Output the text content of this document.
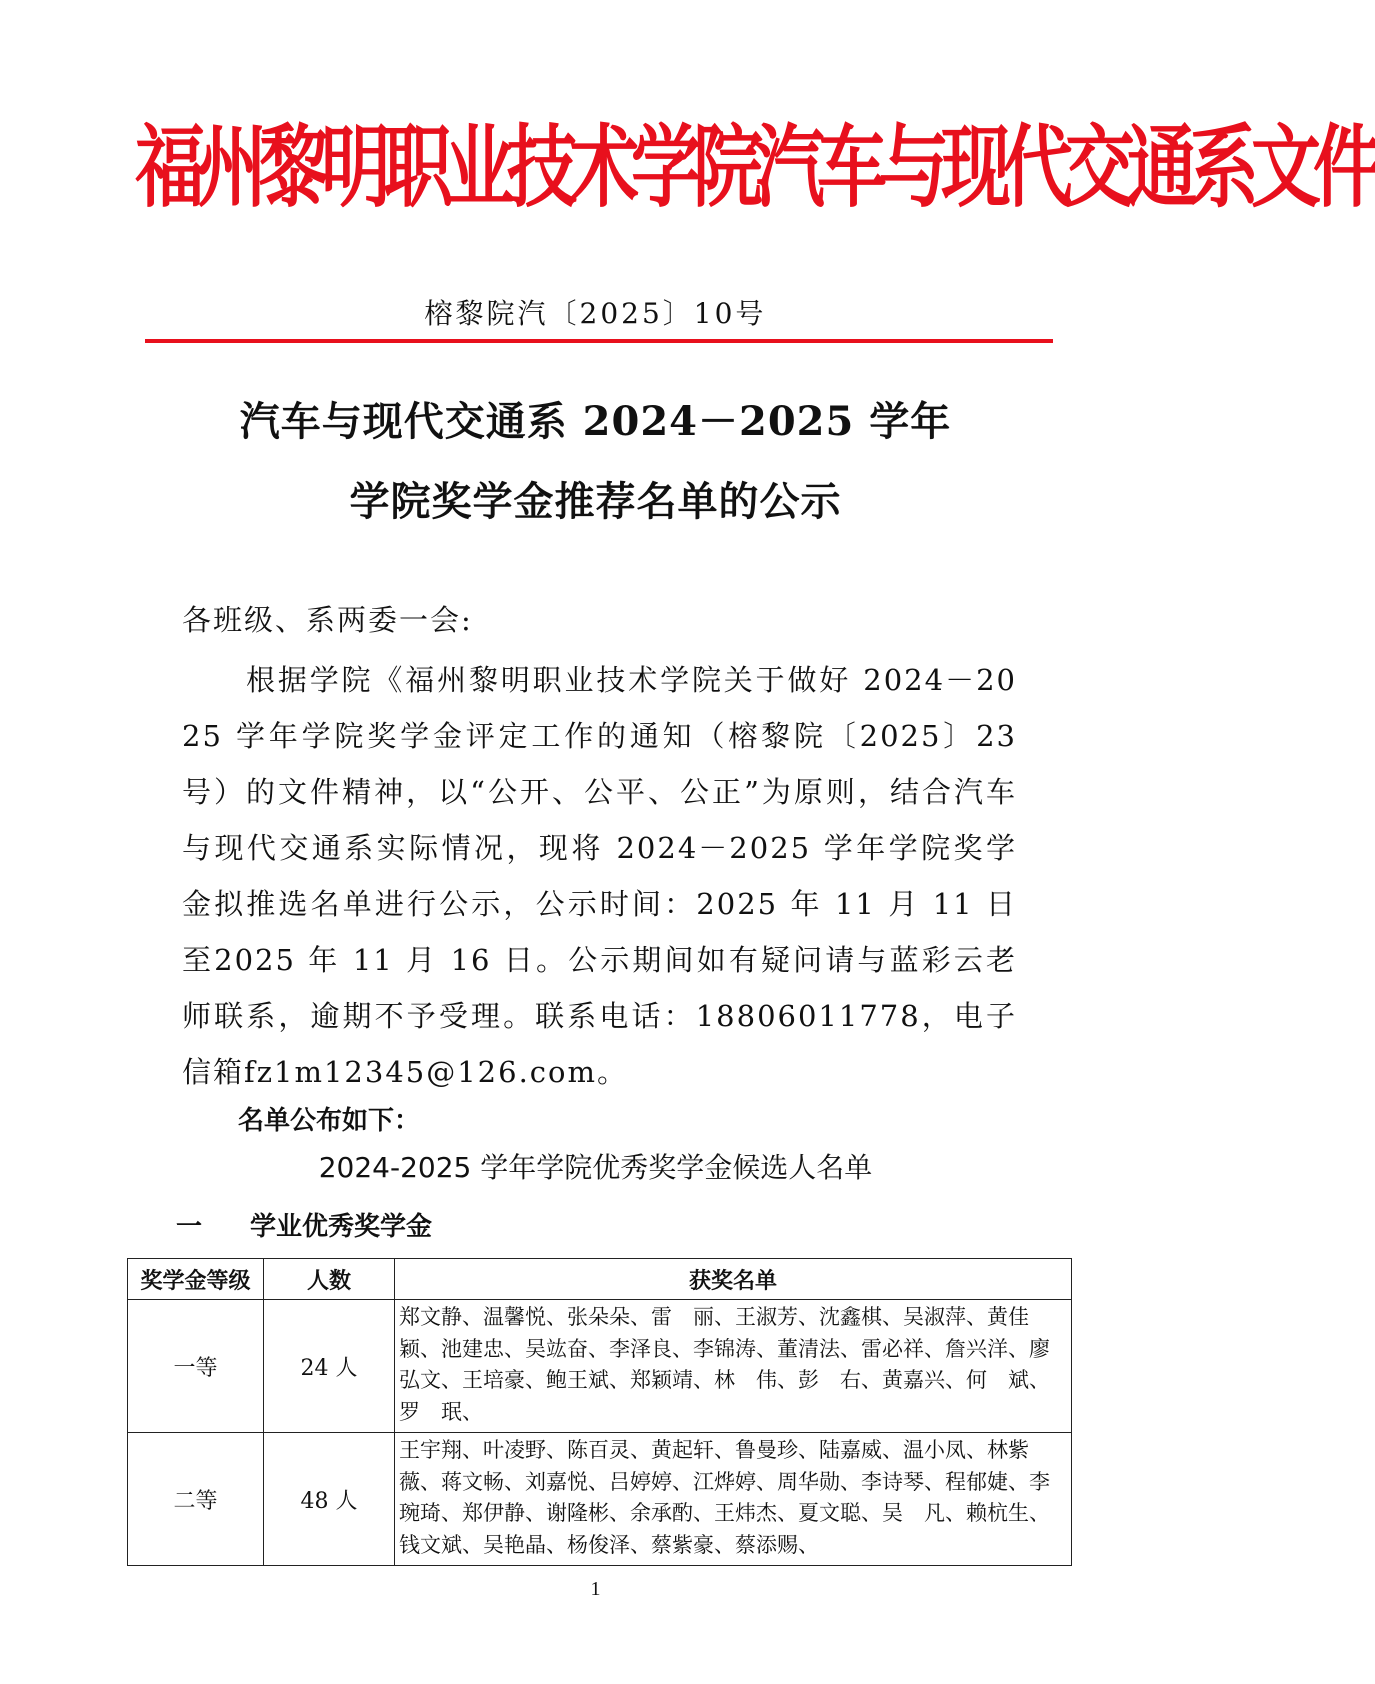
福州黎明职业技术学院汽车与现代交通系文件
榕黎院汽〔2025〕10号
汽车与现代交通系 2024－2025 学年
学院奖学金推荐名单的公示
各班级、系两委一会:

根据学院《福州黎明职业技术学院关于做好 2024－2025 学年学院奖学金评定工作的通知（榕黎院〔2025〕23号）的文件精神，以“公开、公平、公正”为原则，结合汽车与现代交通系实际情况，现将 2024－2025 学年学院奖学金拟推选名单进行公示，公示时间：2025 年 11 月 11 日至2025 年 11 月 16 日。公示期间如有疑问请与蓝彩云老师联系，逾期不予受理。联系电话：18806011778，电子信箱fz1m12345@126.com。

名单公布如下：
2024-2025 学年学院优秀奖学金候选人名单
一 学业优秀奖学金
奖学金等级	人数	获奖名单
一等	24 人	郑文静、温馨悦、张朵朵、雷　丽、王淑芳、沈鑫棋、吴淑萍、黄佳颖、池建忠、吴竑奋、李泽良、李锦涛、董清法、雷必祥、詹兴洋、廖弘文、王培豪、鲍王斌、郑颖靖、林　伟、彭　右、黄嘉兴、何　斌、罗　珉、
二等	48 人	王宇翔、叶凌野、陈百灵、黄起轩、鲁曼珍、陆嘉威、温小凤、林紫薇、蒋文畅、刘嘉悦、吕婷婷、江烨婷、周华勋、李诗琴、程郁婕、李琬琦、郑伊静、谢隆彬、余承酌、王炜杰、夏文聪、吴　凡、赖杭生、钱文斌、吴艳晶、杨俊泽、蔡紫豪、蔡添赐、
1
